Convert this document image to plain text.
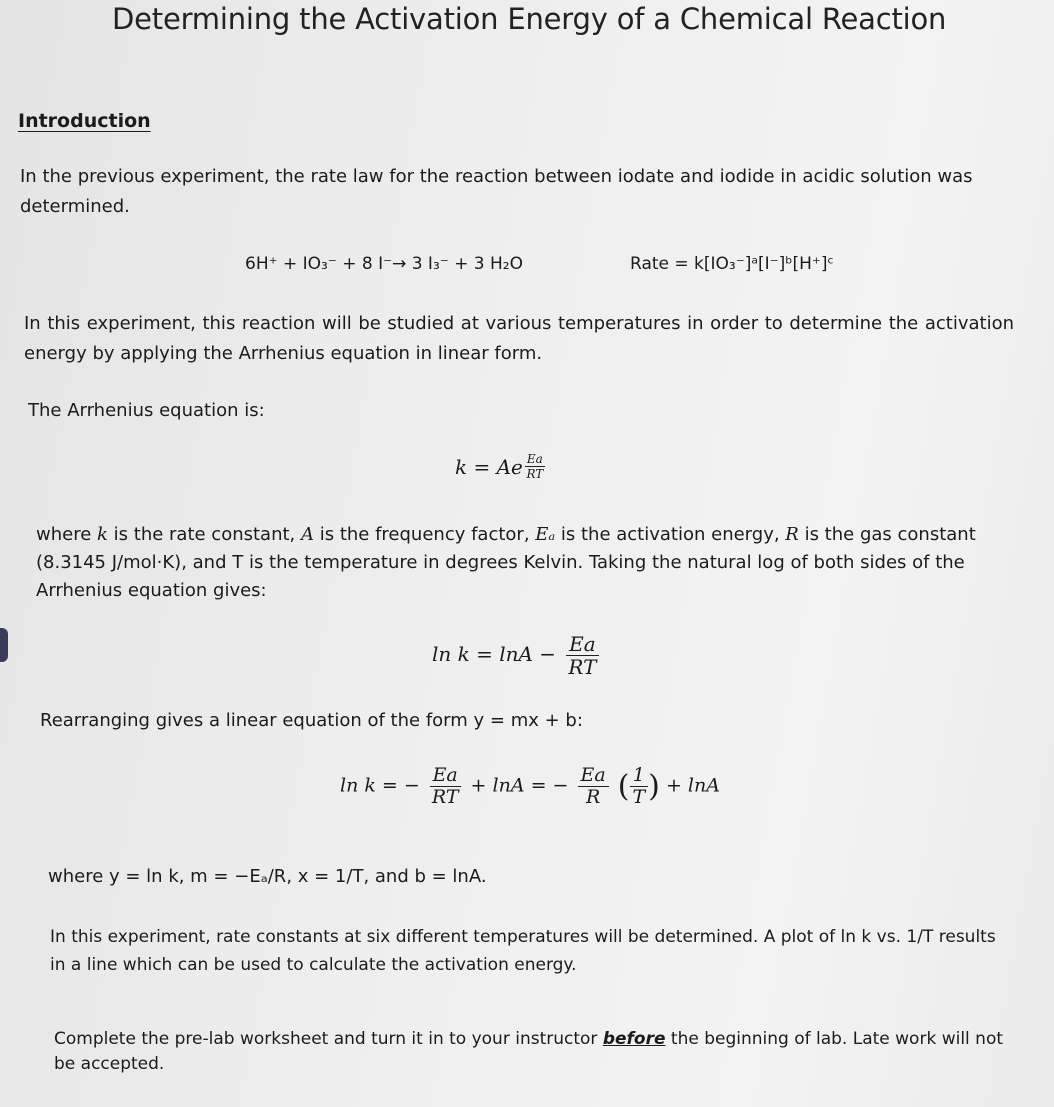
Determining the Activation Energy of a Chemical Reaction
Introduction
In the previous experiment, the rate law for the reaction between iodate and iodide in acidic solution was determined.
6H⁺ + IO₃⁻ + 8 I⁻→ 3 I₃⁻ + 3 H₂O	Rate = k[IO₃⁻]ᵃ[I⁻]ᵇ[H⁺]ᶜ
In this experiment, this reaction will be studied at various temperatures in order to determine the activation energy by applying the Arrhenius equation in linear form.
The Arrhenius equation is:
k = Ae $\frac{Ea}{RT}$
where k is the rate constant, A is the frequency factor, Eₐ is the activation energy, R is the gas constant (8.3145 J/mol·K), and T is the temperature in degrees Kelvin. Taking the natural log of both sides of the Arrhenius equation gives:
$\ln k = \ln A - \frac{Ea}{RT}$
Rearranging gives a linear equation of the form y = mx + b:
ln k = − $\frac{Ea}{RT} + \ln A$ = − $\frac{Ea}{R}$ ( $\frac{1}{T}$ ) + lnA
where y = ln k, m = −Eₐ/R, x = 1/T, and b = lnA.
In this experiment, rate constants at six different temperatures will be determined. A plot of ln k vs. 1/T results in a line which can be used to calculate the activation energy.
Complete the pre-lab worksheet and turn it in to your instructor before the beginning of lab. Late work will not be accepted.
